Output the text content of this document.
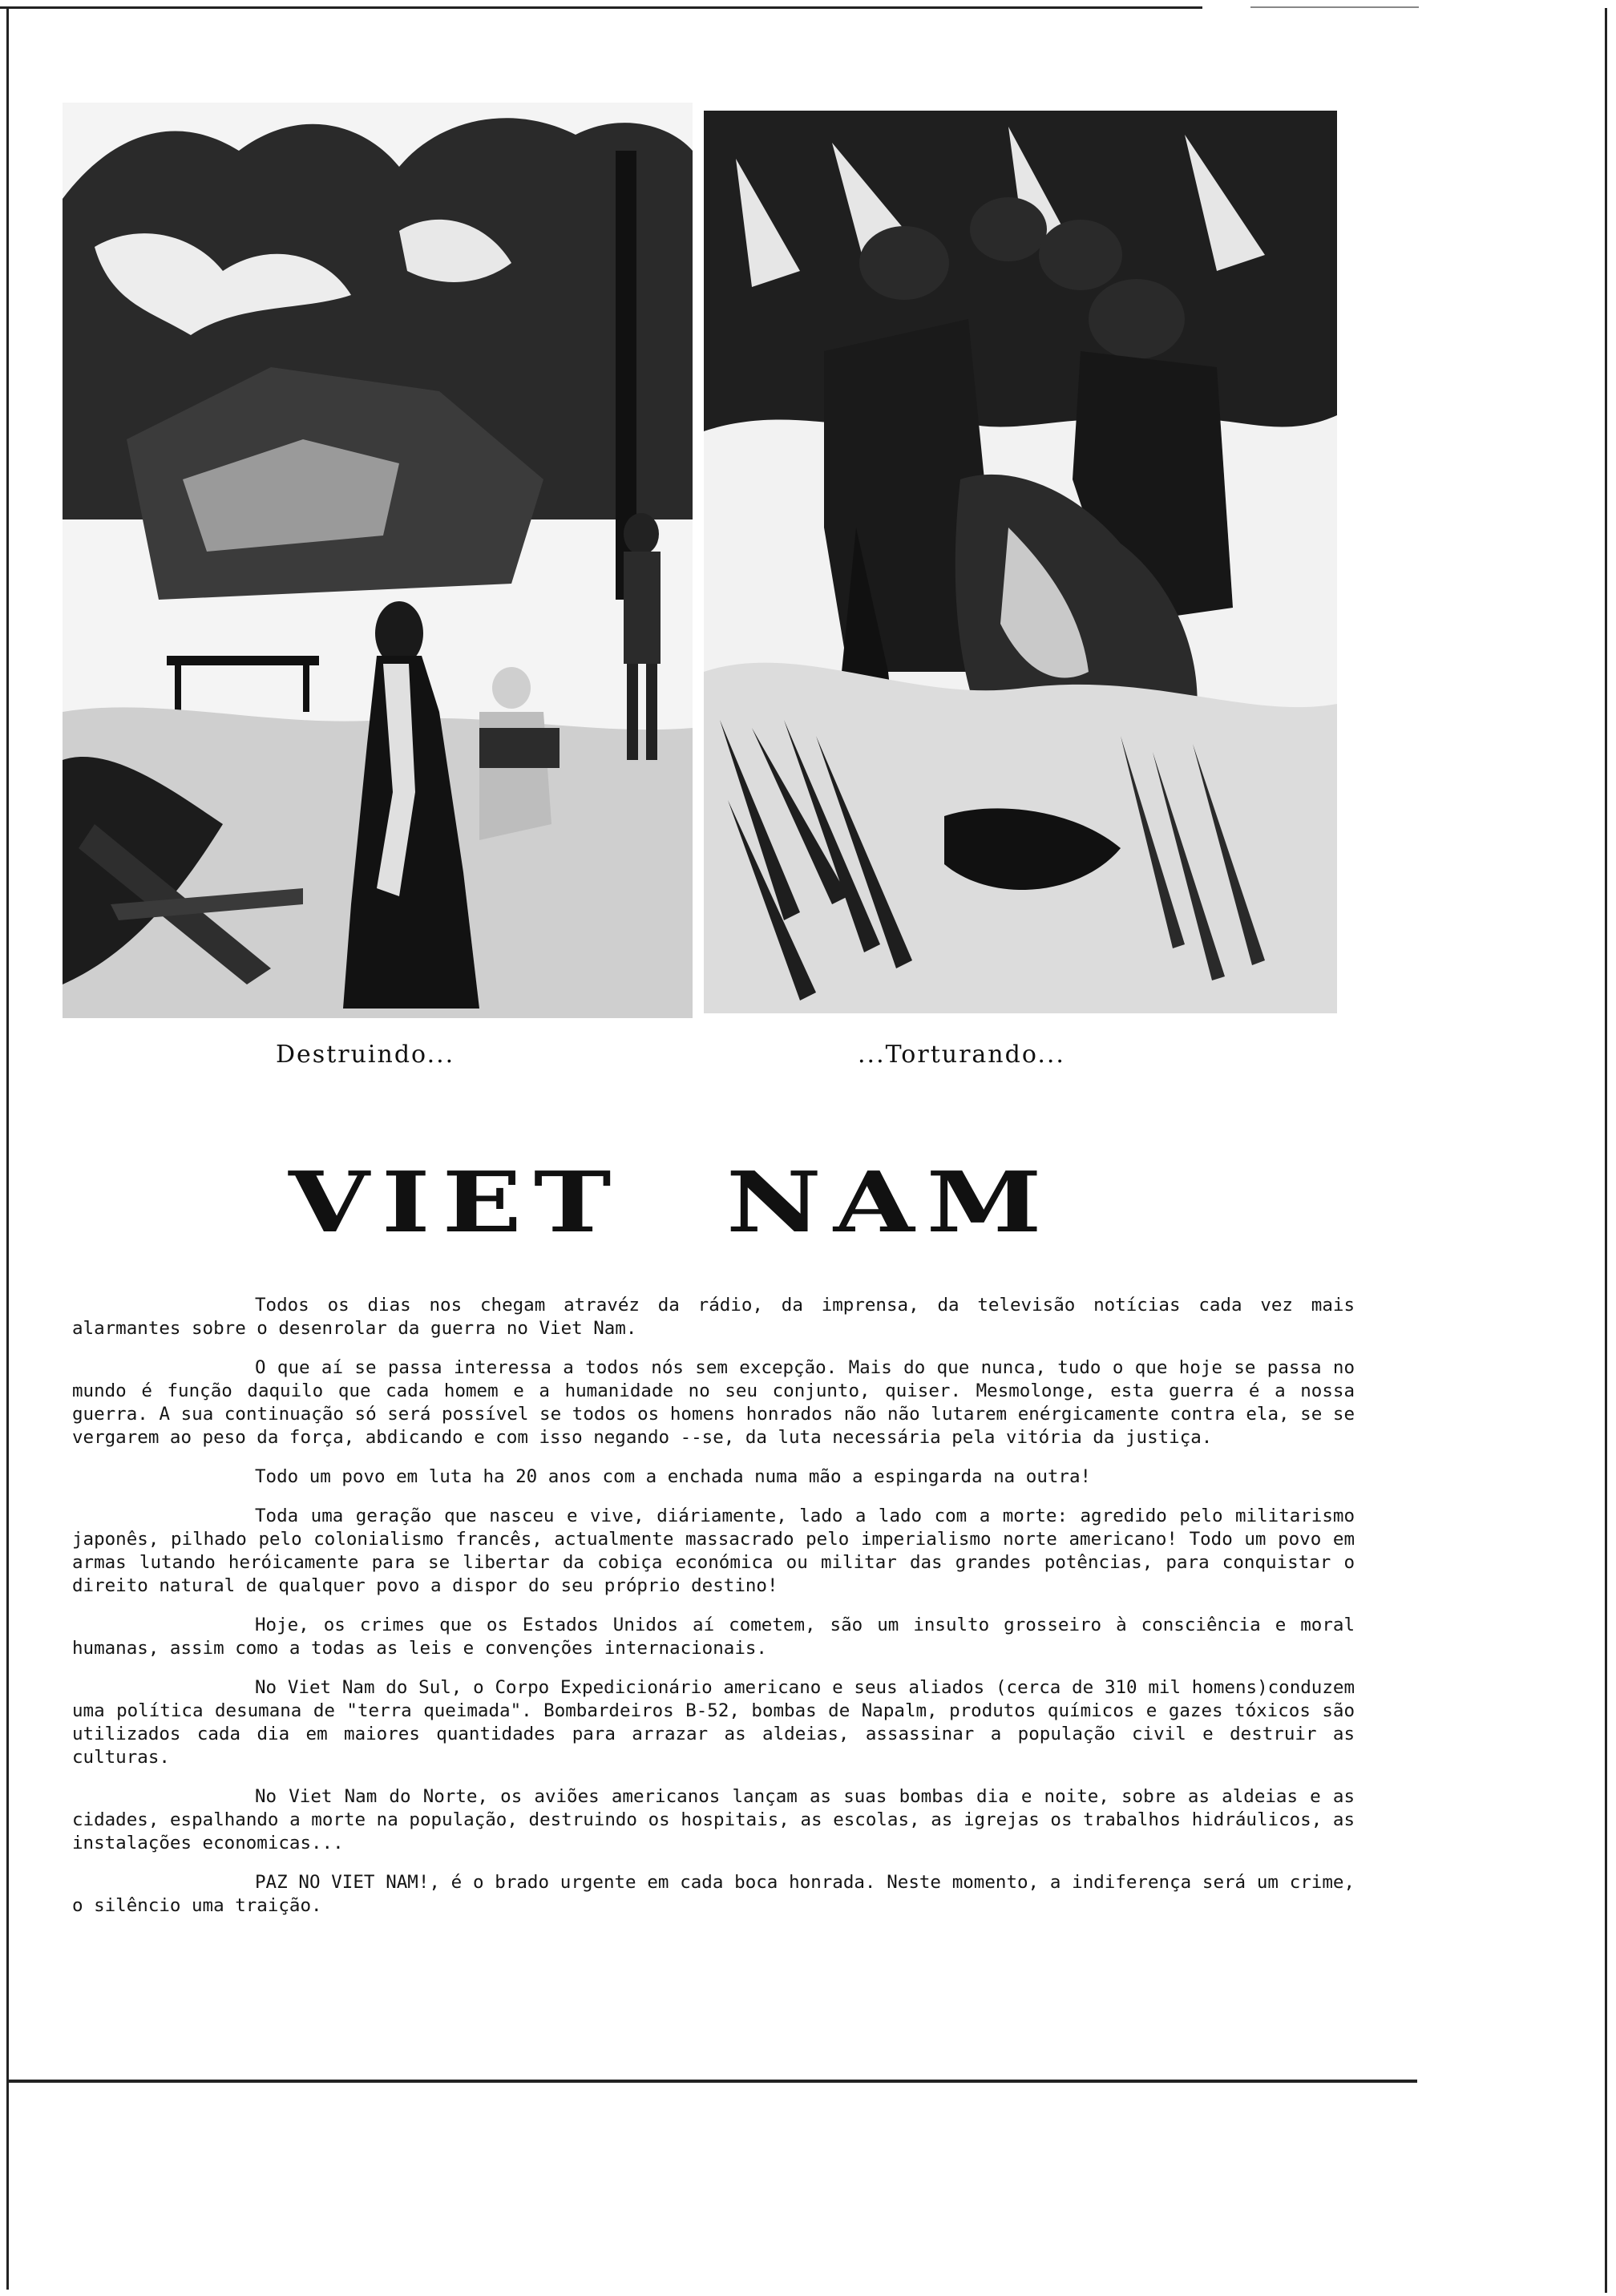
Destruindo...	...Torturando...
VIET NAM

Todos os dias nos chegam atravéz da rádio, da imprensa, da televisão notícias cada vez mais alarmantes sobre o desenrolar da guerra no Viet Nam.

O que aí se passa interessa a todos nós sem excepção. Mais do que nunca, tudo o que hoje se passa no mundo é função daquilo que cada homem e a humanidade no seu conjunto, quiser. Mesmolonge, esta guerra é a nossa guerra. A sua continuação só será possível se todos os homens honrados não não lutarem enérgicamente contra ela, se se vergarem ao peso da força, abdicando e com isso negando --se, da luta necessária pela vitória da justiça.

Todo um povo em luta ha 20 anos com a enchada numa mão a espingarda na outra!

Toda uma geração que nasceu e vive, diáriamente, lado a lado com a morte: agredido pelo militarismo japonês, pilhado pelo colonialismo francês, actualmente massacrado pelo imperialismo norte americano! Todo um povo em armas lutando heróicamente para se libertar da cobiça económica ou militar das grandes potências, para conquistar o direito natural de qualquer povo a dispor do seu próprio destino!

Hoje, os crimes que os Estados Unidos aí cometem, são um insulto grosseiro à consciência e moral humanas, assim como a todas as leis e convenções internacionais.

No Viet Nam do Sul, o Corpo Expedicionário americano e seus aliados (cerca de 310 mil homens)conduzem uma política desumana de "terra queimada". Bombardeiros B-52, bombas de Napalm, produtos químicos e gazes tóxicos são utilizados cada dia em maiores quantidades para arrazar as aldeias, assassinar a população civil e destruir as culturas.

No Viet Nam do Norte, os aviões americanos lançam as suas bombas dia e noite, sobre as aldeias e as cidades, espalhando a morte na população, destruindo os hospitais, as escolas, as igrejas os trabalhos hidráulicos, as instalações economicas...

PAZ NO VIET NAM!, é o brado urgente em cada boca honrada. Neste momento, a indiferença será um crime, o silêncio uma traição.
